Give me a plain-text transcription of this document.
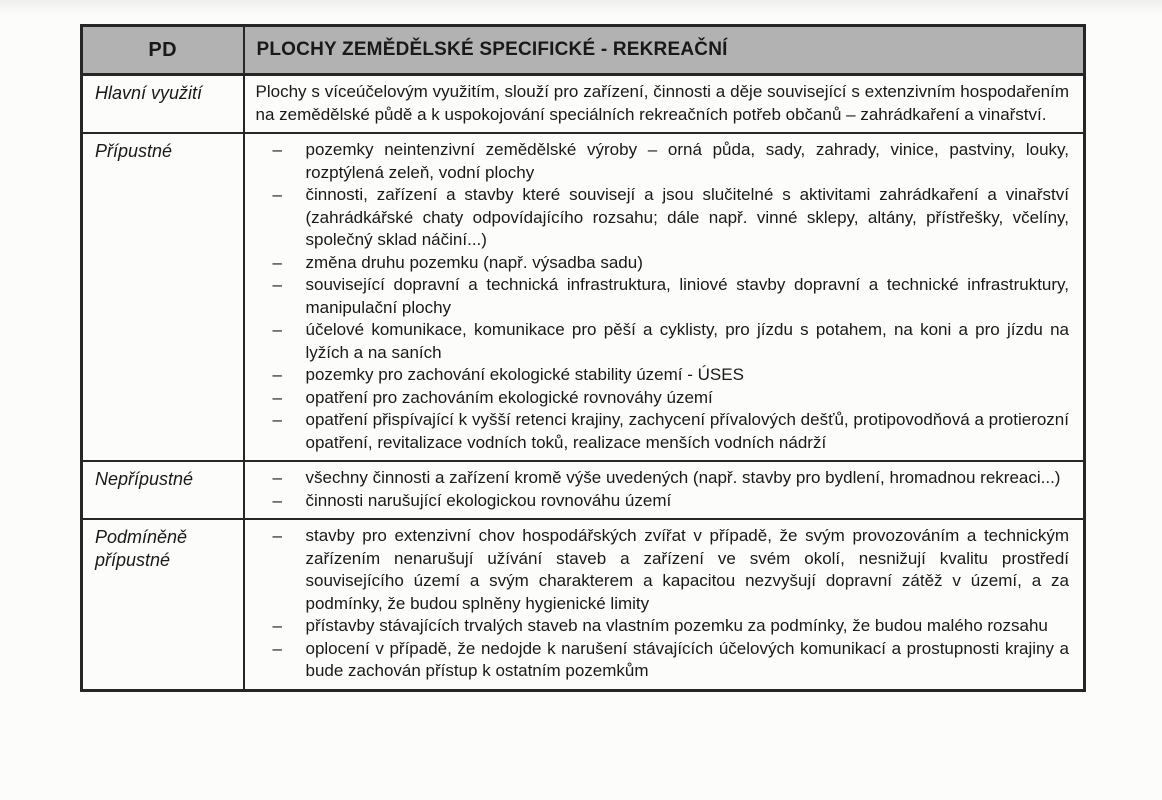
PD	PLOCHY ZEMĚDĚLSKÉ SPECIFICKÉ - REKREAČNÍ
Hlavní využití	Plochy s víceúčelovým využitím, slouží pro zařízení, činnosti a děje související s extenzivním hospodařením na zemědělské půdě a k uspokojování speciálních rekreačních potřeb občanů – zahrádkaření a vinařství.

Přípustné	–	pozemky neintenzivní zemědělské výroby – orná půda, sady, zahrady, vinice, pastviny, louky, rozptýlená zeleň, vodní plochy
–	činnosti, zařízení a stavby které souvisejí a jsou slučitelné s aktivitami zahrádkaření a vinařství (zahrádkářské chaty odpovídajícího rozsahu; dále např. vinné sklepy, altány, přístřešky, včelíny, společný sklad náčiní...)
–	změna druhu pozemku (např. výsadba sadu)
–	související dopravní a technická infrastruktura, liniové stavby dopravní a technické infrastruktury, manipulační plochy
–	účelové komunikace, komunikace pro pěší a cyklisty, pro jízdu s potahem, na koni a pro jízdu na lyžích a na saních
–	pozemky pro zachování ekologické stability území - ÚSES
–	opatření pro zachováním ekologické rovnováhy území
–	opatření přispívající k vyšší retenci krajiny, zachycení přívalových dešťů, protipovodňová a protierozní opatření, revitalizace vodních toků, realizace menších vodních nádrží

Nepřípustné	–	všechny činnosti a zařízení kromě výše uvedených (např. stavby pro bydlení, hromadnou rekreaci...)
–	činnosti narušující ekologickou rovnováhu území

Podmíněně přípustné	
–	stavby pro extenzivní chov hospodářských zvířat v případě, že svým provozováním a technickým zařízením nenarušují užívání staveb a zařízení ve svém okolí, nesnižují kvalitu prostředí souvisejícího území a svým charakterem a kapacitou nezvyšují dopravní zátěž v území, a za podmínky, že budou splněny hygienické limity
–	přístavby stávajících trvalých staveb na vlastním pozemku za podmínky, že budou malého rozsahu
–	oplocení v případě, že nedojde k narušení stávajících účelových komunikací a prostupnosti krajiny a bude zachován přístup k ostatním pozemkům
